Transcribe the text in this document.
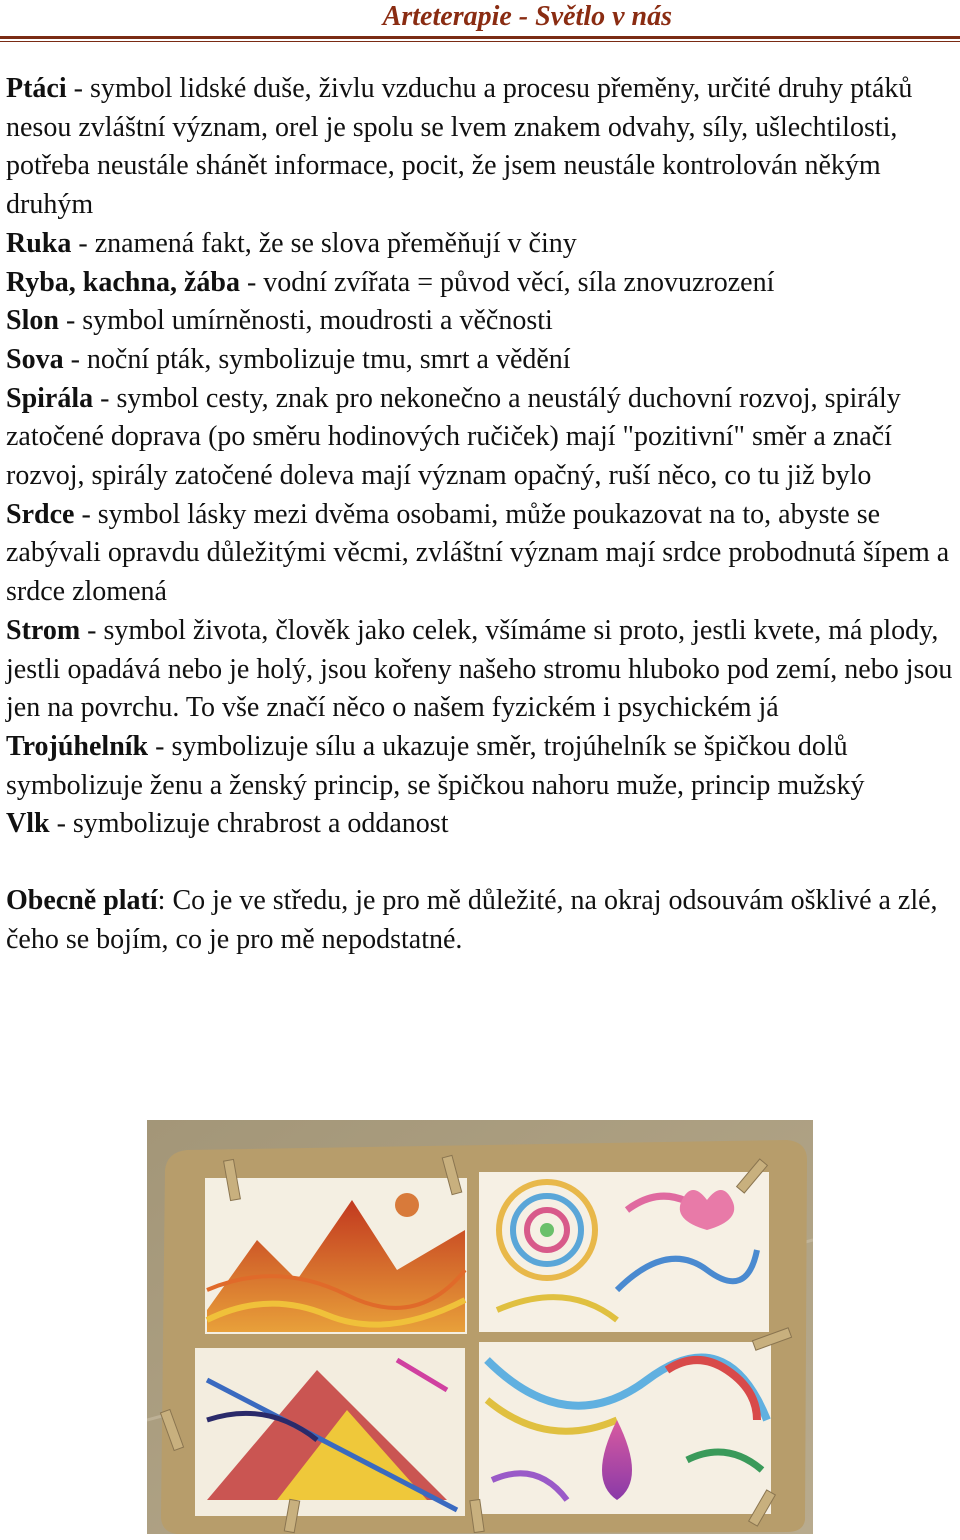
Arteterapie - Světlo v nás

Ptáci - symbol lidské duše, živlu vzduchu a procesu přeměny, určité druhy ptáků nesou zvláštní význam, orel je spolu se lvem znakem odvahy, síly, ušlechtilosti, potřeba neustále shánět informace, pocit, že jsem neustále kontrolován někým druhým

Ruka - znamená fakt, že se slova přeměňují v činy

Ryba, kachna, žába - vodní zvířata = původ věcí, síla znovuzrození

Slon - symbol umírněnosti, moudrosti a věčnosti

Sova - noční pták, symbolizuje tmu, smrt a vědění

Spirála - symbol cesty, znak pro nekonečno a neustálý duchovní rozvoj, spirály zatočené doprava (po směru hodinových ručiček) mají "pozitivní" směr a značí rozvoj, spirály zatočené doleva mají význam opačný, ruší něco, co tu již bylo

Srdce - symbol lásky mezi dvěma osobami, může poukazovat na to, abyste se zabývali opravdu důležitými věcmi, zvláštní význam mají srdce probodnutá šípem a srdce zlomená

Strom - symbol života, člověk jako celek, všímáme si proto, jestli kvete, má plody, jestli opadává nebo je holý, jsou kořeny našeho stromu hluboko pod zemí, nebo jsou jen na povrchu. To vše značí něco o našem fyzickém i psychickém já

Trojúhelník - symbolizuje sílu a ukazuje směr, trojúhelník se špičkou dolů symbolizuje ženu a ženský princip, se špičkou nahoru muže, princip mužský

Vlk - symbolizuje chrabrost a oddanost

Obecně platí: Co je ve středu, je pro mě důležité, na okraj odsouvám ošklivé a zlé, čeho se bojím, co je pro mě nepodstatné.
